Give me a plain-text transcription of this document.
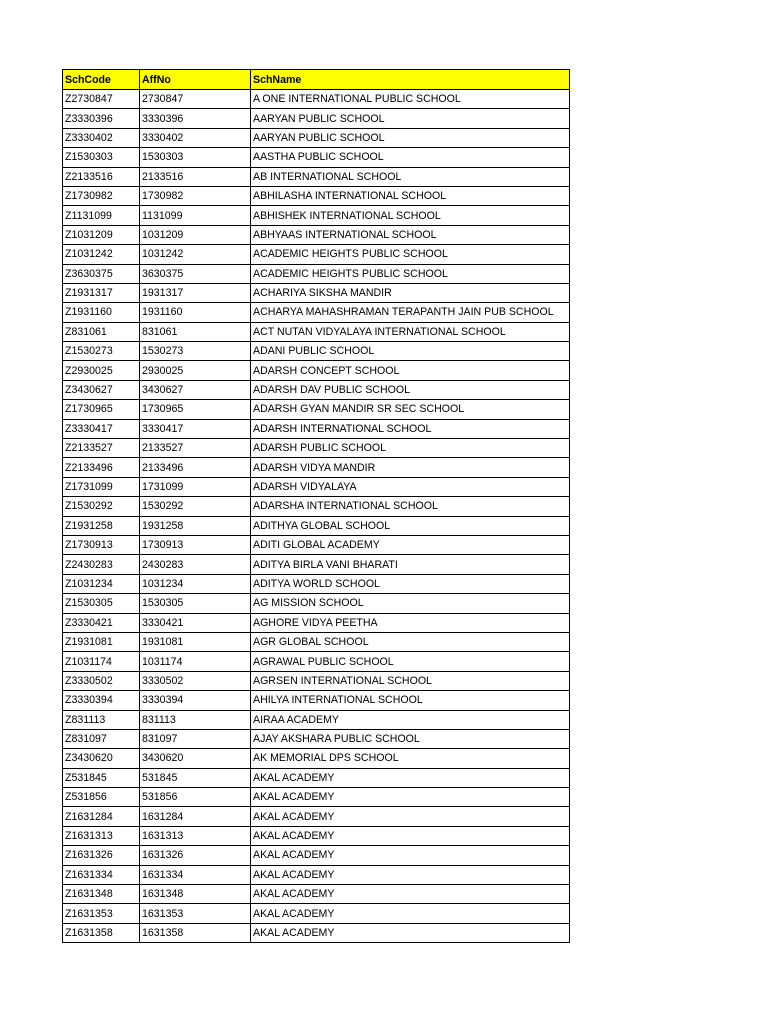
SchCode	AffNo	SchName
Z2730847	2730847	A ONE INTERNATIONAL PUBLIC SCHOOL
Z3330396	3330396	AARYAN PUBLIC SCHOOL
Z3330402	3330402	AARYAN PUBLIC SCHOOL
Z1530303	1530303	AASTHA PUBLIC SCHOOL
Z2133516	2133516	AB INTERNATIONAL SCHOOL
Z1730982	1730982	ABHILASHA INTERNATIONAL SCHOOL
Z1131099	1131099	ABHISHEK INTERNATIONAL SCHOOL
Z1031209	1031209	ABHYAAS INTERNATIONAL SCHOOL
Z1031242	1031242	ACADEMIC HEIGHTS PUBLIC SCHOOL
Z3630375	3630375	ACADEMIC HEIGHTS PUBLIC SCHOOL
Z1931317	1931317	ACHARIYA SIKSHA MANDIR
Z1931160	1931160	ACHARYA MAHASHRAMAN TERAPANTH JAIN PUB SCHOOL
Z831061	831061	ACT NUTAN VIDYALAYA INTERNATIONAL SCHOOL
Z1530273	1530273	ADANI PUBLIC SCHOOL
Z2930025	2930025	ADARSH CONCEPT SCHOOL
Z3430627	3430627	ADARSH DAV PUBLIC SCHOOL
Z1730965	1730965	ADARSH GYAN MANDIR SR SEC SCHOOL
Z3330417	3330417	ADARSH INTERNATIONAL SCHOOL
Z2133527	2133527	ADARSH PUBLIC SCHOOL
Z2133496	2133496	ADARSH VIDYA MANDIR
Z1731099	1731099	ADARSH VIDYALAYA
Z1530292	1530292	ADARSHA INTERNATIONAL SCHOOL
Z1931258	1931258	ADITHYA GLOBAL SCHOOL
Z1730913	1730913	ADITI GLOBAL ACADEMY
Z2430283	2430283	ADITYA BIRLA VANI BHARATI
Z1031234	1031234	ADITYA WORLD SCHOOL
Z1530305	1530305	AG MISSION SCHOOL
Z3330421	3330421	AGHORE VIDYA PEETHA
Z1931081	1931081	AGR GLOBAL SCHOOL
Z1031174	1031174	AGRAWAL PUBLIC SCHOOL
Z3330502	3330502	AGRSEN INTERNATIONAL SCHOOL
Z3330394	3330394	AHILYA INTERNATIONAL SCHOOL
Z831113	831113	AIRAA ACADEMY
Z831097	831097	AJAY AKSHARA PUBLIC SCHOOL
Z3430620	3430620	AK MEMORIAL DPS SCHOOL
Z531845	531845	AKAL ACADEMY
Z531856	531856	AKAL ACADEMY
Z1631284	1631284	AKAL ACADEMY
Z1631313	1631313	AKAL ACADEMY
Z1631326	1631326	AKAL ACADEMY
Z1631334	1631334	AKAL ACADEMY
Z1631348	1631348	AKAL ACADEMY
Z1631353	1631353	AKAL ACADEMY
Z1631358	1631358	AKAL ACADEMY
